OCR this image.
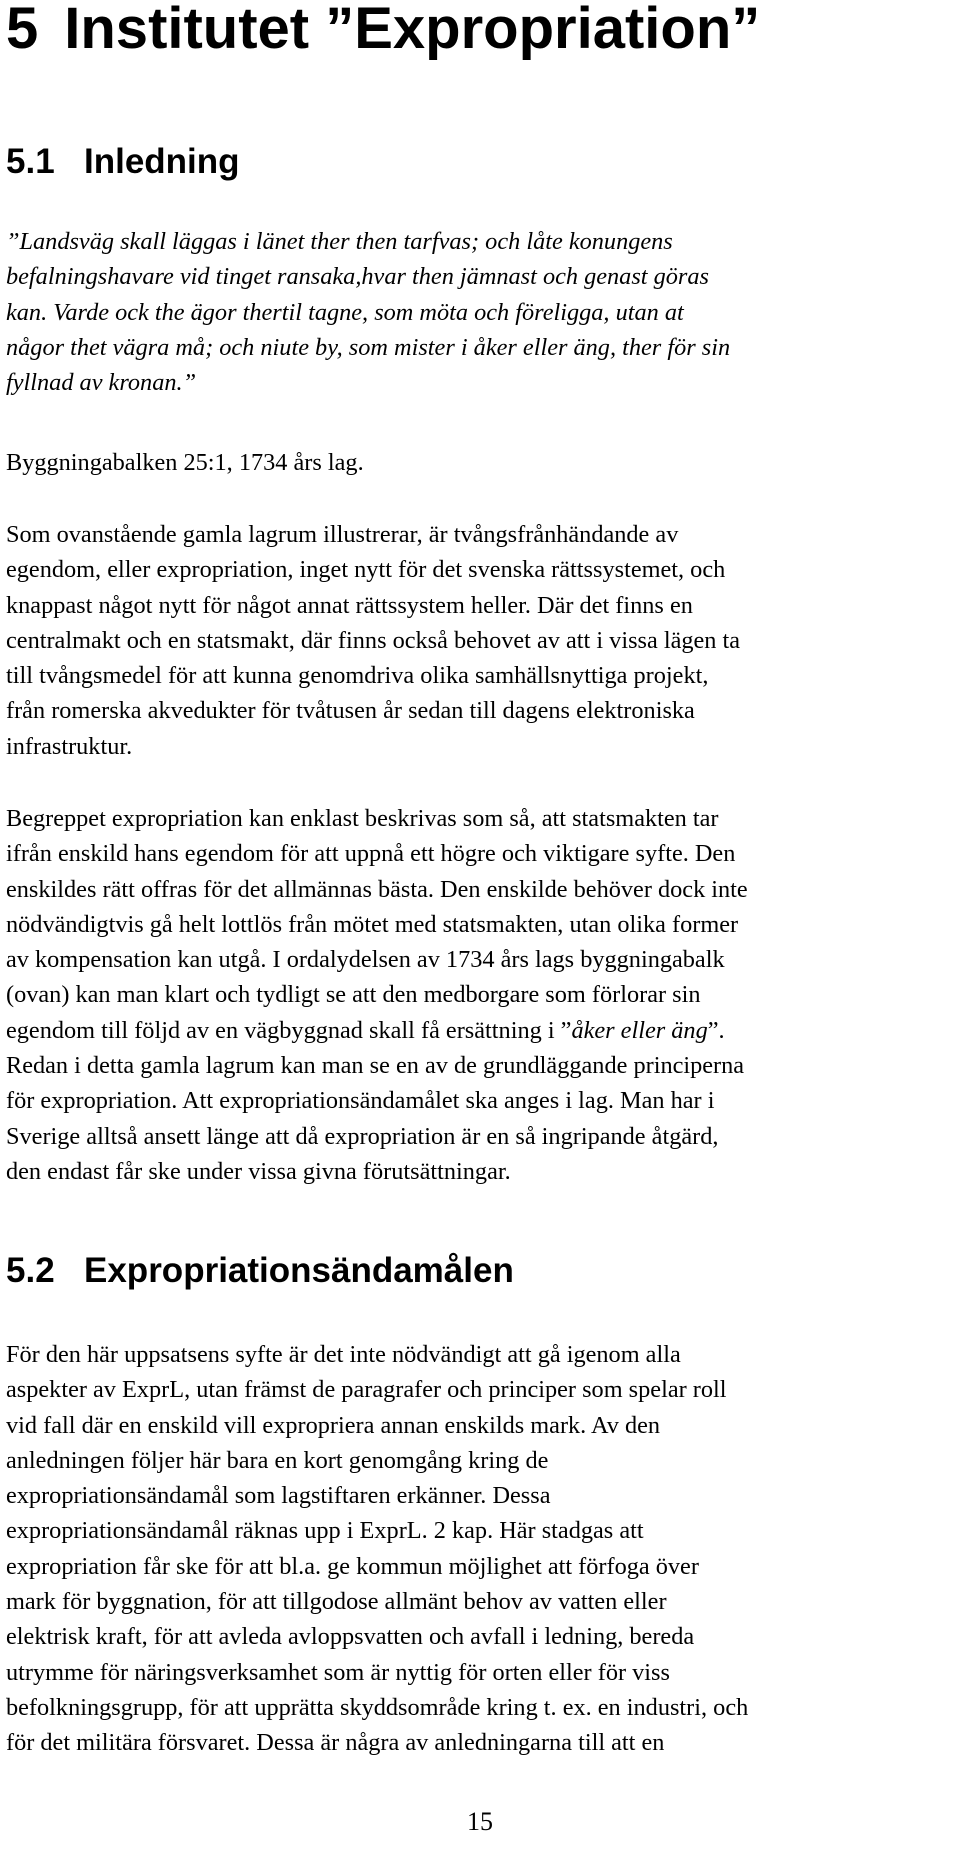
5 Institutet ”Expropriation”
5.1 Inledning

”Landsväg skall läggas i länet ther then tarfvas; och låte konungens
befalningshavare vid tinget ransaka,hvar then jämnast och genast göras
kan. Varde ock the ägor thertil tagne, som möta och föreligga, utan at
någor thet vägra må; och niute by, som mister i åker eller äng, ther för sin
fyllnad av kronan.”

Byggningabalken 25:1, 1734 års lag.

Som ovanstående gamla lagrum illustrerar, är tvångsfrånhändande av
egendom, eller expropriation, inget nytt för det svenska rättssystemet, och
knappast något nytt för något annat rättssystem heller. Där det finns en
centralmakt och en statsmakt, där finns också behovet av att i vissa lägen ta
till tvångsmedel för att kunna genomdriva olika samhällsnyttiga projekt,
från romerska akvedukter för tvåtusen år sedan till dagens elektroniska
infrastruktur.

Begreppet expropriation kan enklast beskrivas som så, att statsmakten tar
ifrån enskild hans egendom för att uppnå ett högre och viktigare syfte. Den
enskildes rätt offras för det allmännas bästa. Den enskilde behöver dock inte
nödvändigtvis gå helt lottlös från mötet med statsmakten, utan olika former
av kompensation kan utgå. I ordalydelsen av 1734 års lags byggningabalk
(ovan) kan man klart och tydligt se att den medborgare som förlorar sin
egendom till följd av en vägbyggnad skall få ersättning i ”åker eller äng”.
Redan i detta gamla lagrum kan man se en av de grundläggande principerna
för expropriation. Att expropriationsändamålet ska anges i lag. Man har i
Sverige alltså ansett länge att då expropriation är en så ingripande åtgärd,
den endast får ske under vissa givna förutsättningar.

5.2 Expropriationsändamålen

För den här uppsatsens syfte är det inte nödvändigt att gå igenom alla
aspekter av ExprL, utan främst de paragrafer och principer som spelar roll
vid fall där en enskild vill expropriera annan enskilds mark. Av den
anledningen följer här bara en kort genomgång kring de
expropriationsändamål som lagstiftaren erkänner. Dessa
expropriationsändamål räknas upp i ExprL. 2 kap. Här stadgas att
expropriation får ske för att bl.a. ge kommun möjlighet att förfoga över
mark för byggnation, för att tillgodose allmänt behov av vatten eller
elektrisk kraft, för att avleda avloppsvatten och avfall i ledning, bereda
utrymme för näringsverksamhet som är nyttig för orten eller för viss
befolkningsgrupp, för att upprätta skyddsområde kring t. ex. en industri, och
för det militära försvaret. Dessa är några av anledningarna till att en

15
